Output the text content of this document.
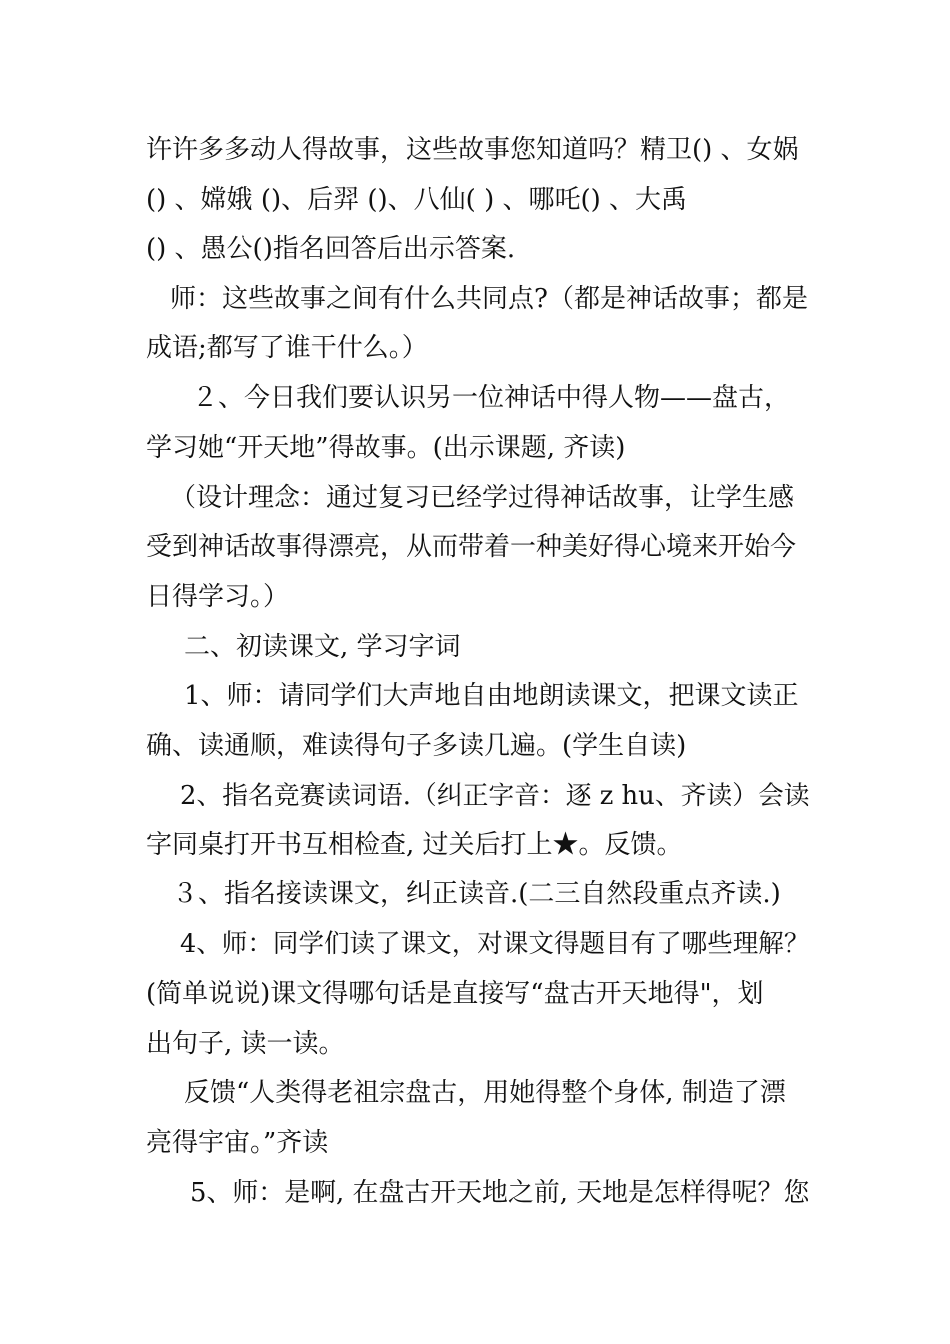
许许多多动人得故事，这些故事您知道吗？精卫() 、女娲
() 、嫦娥 ()、后羿 ()、八仙( ) 、哪吒() 、大禹
() 、愚公()指名回答后出示答案.
师：这些故事之间有什么共同点?（都是神话故事；都是
成语;都写了谁干什么。）
２、今日我们要认识另一位神话中得人物——盘古，
学习她“开天地”得故事。(出示课题, 齐读)
（设计理念：通过复习已经学过得神话故事，让学生感
受到神话故事得漂亮，从而带着一种美好得心境来开始今
日得学习。）
二、初读课文, 学习字词
1、师：请同学们大声地自由地朗读课文，把课文读正
确、读通顺，难读得句子多读几遍。(学生自读)
2、指名竞赛读词语.（纠正字音：逐 z hu、齐读）会读
字同桌打开书互相检查, 过关后打上★。反馈。
３、指名接读课文，纠正读音.(二三自然段重点齐读.)
4、师：同学们读了课文，对课文得题目有了哪些理解？
(简单说说)课文得哪句话是直接写“盘古开天地得"，划
出句子, 读一读。
反馈“人类得老祖宗盘古，用她得整个身体, 制造了漂
亮得宇宙。”齐读
5、师：是啊, 在盘古开天地之前, 天地是怎样得呢？您
